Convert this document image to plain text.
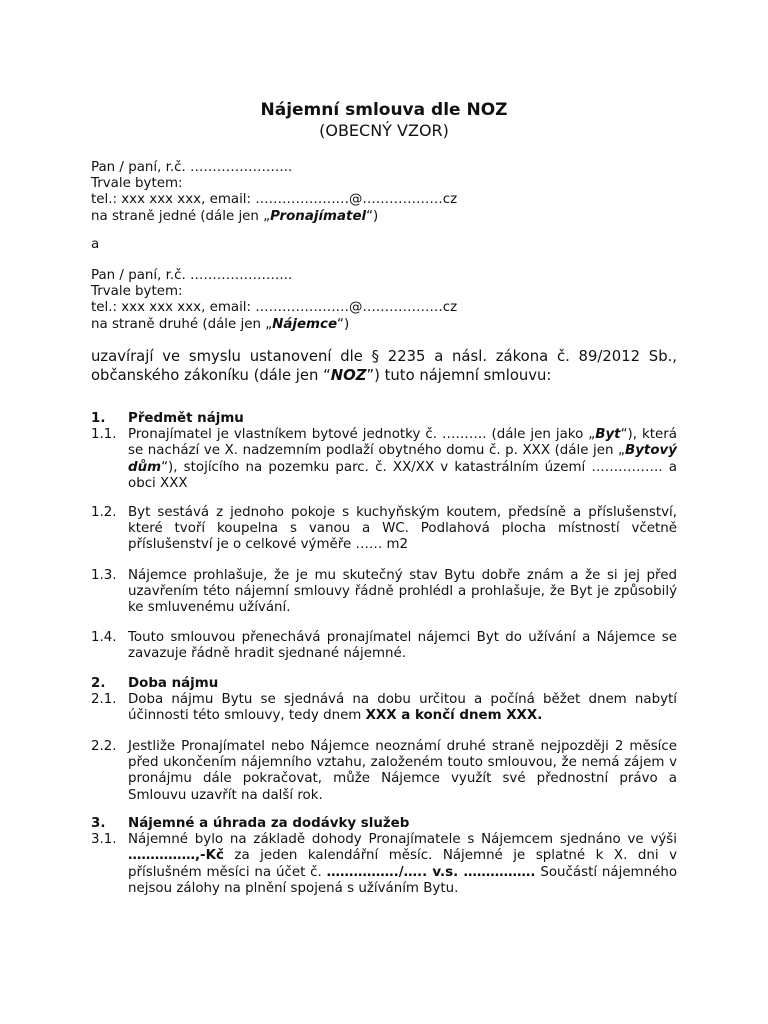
Nájemní smlouva dle NOZ
(OBECNÝ VZOR)

Pan / paní, r.č. …………………..

Trvale bytem:

tel.: xxx xxx xxx, email: …………………@………………cz

na straně jedné (dále jen „Pronajímatel“)

a

Pan / paní, r.č. …………………..

Trvale bytem:

tel.: xxx xxx xxx, email: …………………@………………cz

na straně druhé (dále jen „Nájemce“)

uzavírají ve smyslu ustanovení dle § 2235 a násl. zákona č. 89/2012 Sb., občanského zákoníku (dále jen “NOZ”) tuto nájemní smlouvu:

1.	Předmět nájmu
1.1. Pronajímatel je vlastníkem bytové jednotky č. ………. (dále jen jako „Byt“), která se nachází ve X. nadzemním podlaží obytného domu č. p. XXX (dále jen „Bytový dům“), stojícího na pozemku parc. č. XX/XX v katastrálním území ……………. a obci XXX
1.2. Byt sestává z jednoho pokoje s kuchyňským koutem, předsíně a příslušenství, které tvoří koupelna s vanou a WC. Podlahová plocha místností včetně příslušenství je o celkové výměře …… m2
1.3. Nájemce prohlašuje, že je mu skutečný stav Bytu dobře znám a že si jej před uzavřením této nájemní smlouvy řádně prohlédl a prohlašuje, že Byt je způsobilý ke smluvenému užívání.
1.4. Touto smlouvou přenechává pronajímatel nájemci Byt do užívání a Nájemce se zavazuje řádně hradit sjednané nájemné.
2.	Doba nájmu
2.1. Doba nájmu Bytu se sjednává na dobu určitou a počíná běžet dnem nabytí účinnosti této smlouvy, tedy dnem XXX a končí dnem XXX.
2.2. Jestliže Pronajímatel nebo Nájemce neoznámí druhé straně nejpozději 2 měsíce před ukončením nájemního vztahu, založeném touto smlouvou, že nemá zájem v pronájmu dále pokračovat, může Nájemce využít své přednostní právo a Smlouvu uzavřít na další rok.
3.	Nájemné a úhrada za dodávky služeb
3.1. Nájemné bylo na základě dohody Pronajímatele s Nájemcem sjednáno ve výši ……………,-Kč za jeden kalendářní měsíc. Nájemné je splatné k X. dni v příslušném měsíci na účet č. ……………./….. v.s. ……………. Součástí nájemného nejsou zálohy na plnění spojená s užíváním Bytu.
